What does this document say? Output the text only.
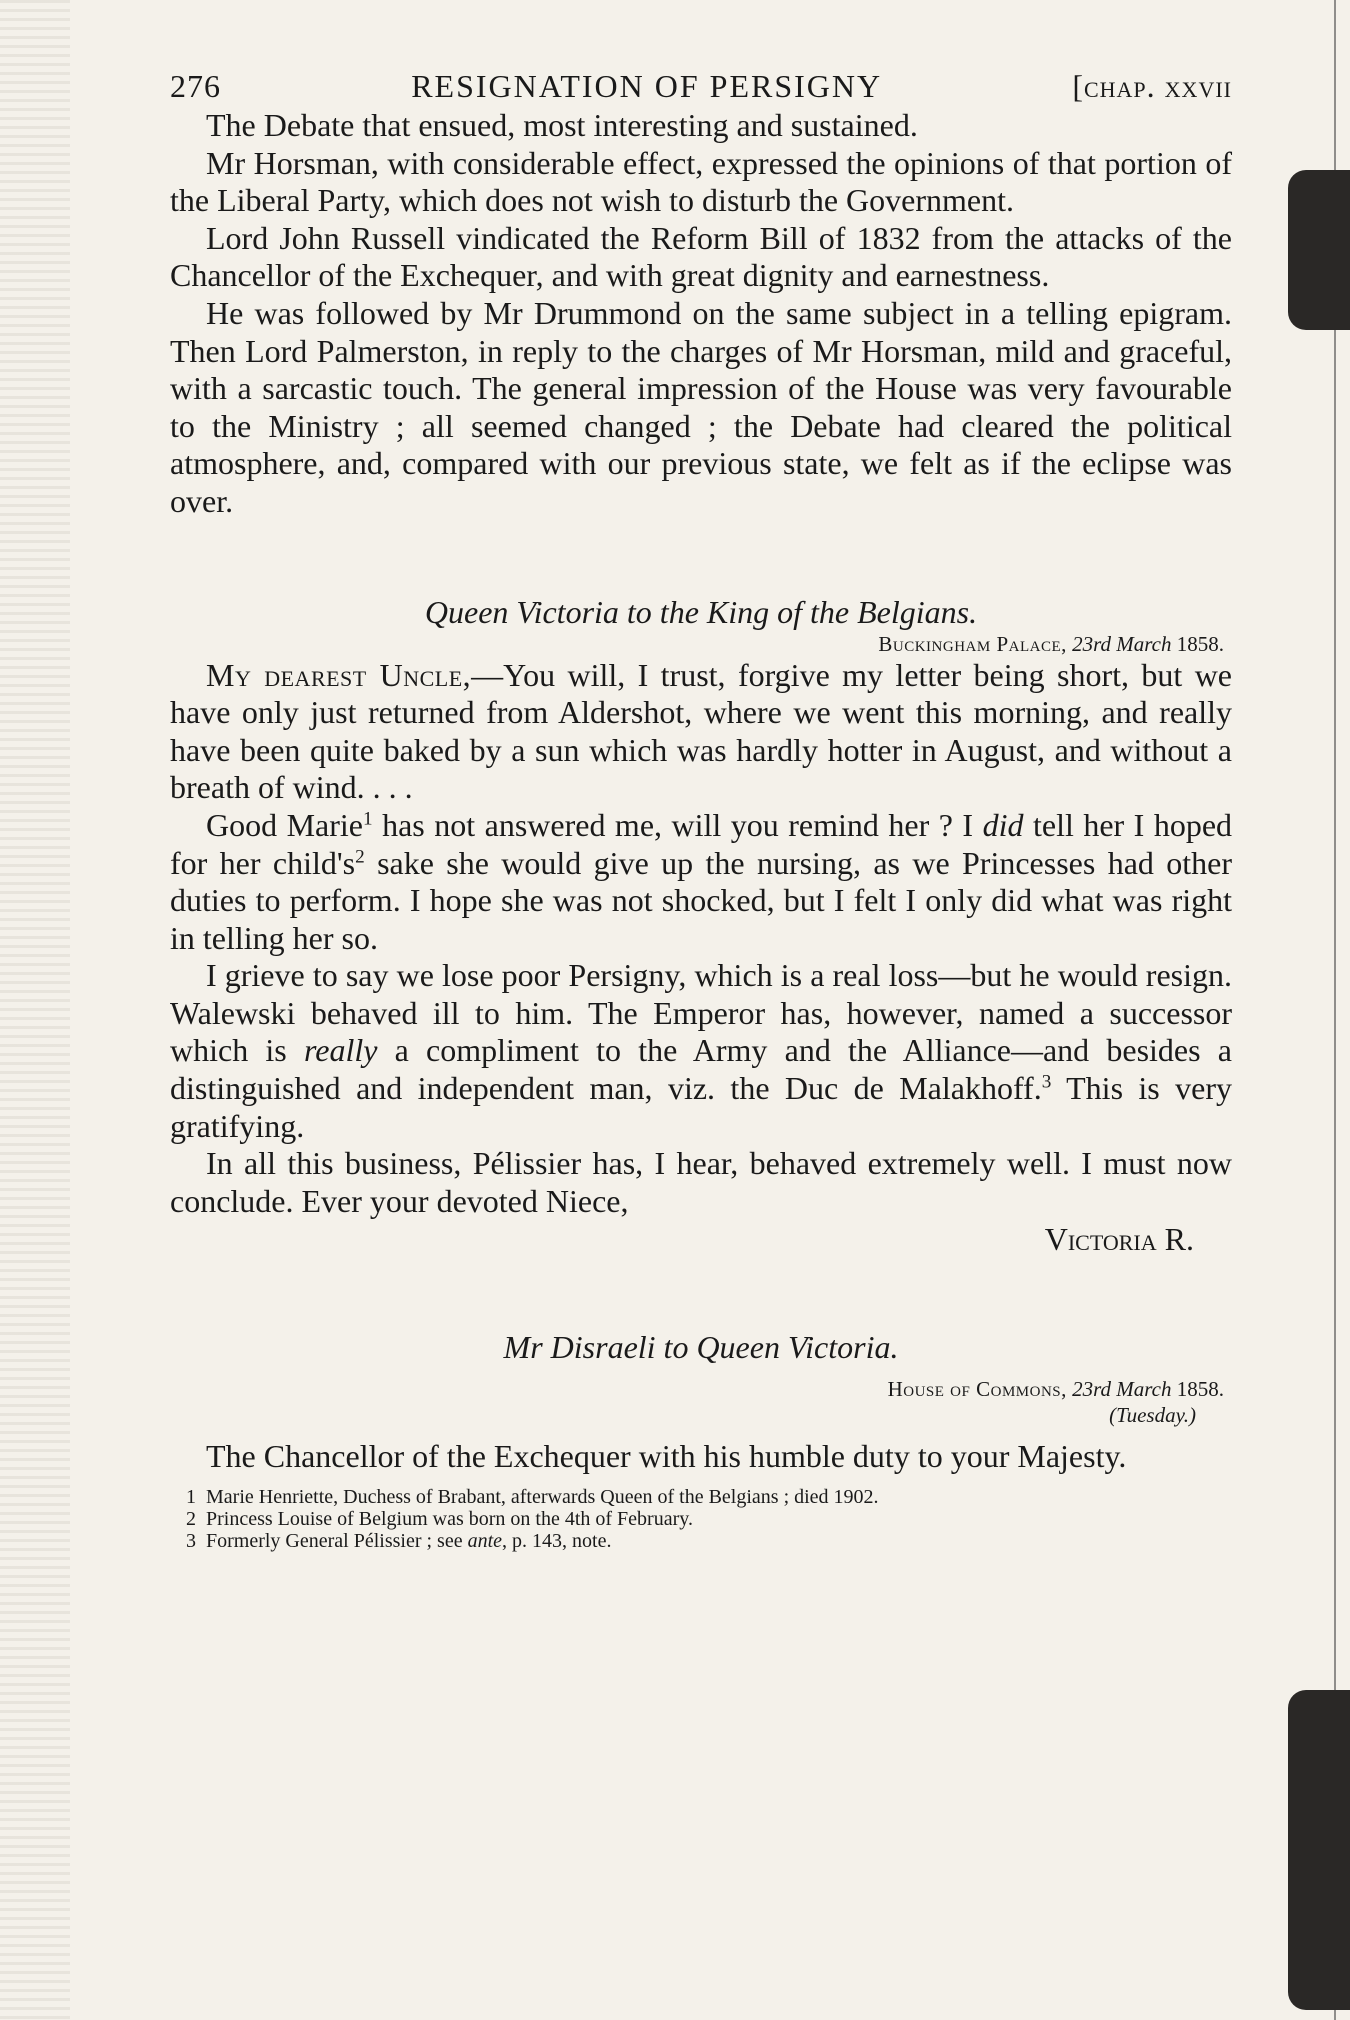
276	RESIGNATION OF PERSIGNY	[chap. xxvii

The Debate that ensued, most interesting and sustained.

Mr Horsman, with considerable effect, expressed the opinions of that portion of the Liberal Party, which does not wish to disturb the Government.

Lord John Russell vindicated the Reform Bill of 1832 from the attacks of the Chancellor of the Exchequer, and with great dignity and earnestness.

He was followed by Mr Drummond on the same subject in a telling epigram. Then Lord Palmerston, in reply to the charges of Mr Horsman, mild and graceful, with a sarcastic touch. The general impression of the House was very favourable to the Ministry ; all seemed changed ; the Debate had cleared the political atmosphere, and, compared with our previous state, we felt as if the eclipse was over.

Queen Victoria to the King of the Belgians.

Buckingham Palace, 23rd March 1858.

My dearest Uncle,—You will, I trust, forgive my letter being short, but we have only just returned from Aldershot, where we went this morning, and really have been quite baked by a sun which was hardly hotter in August, and without a breath of wind. . . .

Good Marie$^1$ has not answered me, will you remind her ? I did tell her I hoped for her $child's^2$ sake she would give up the nursing, as we Princesses had other duties to perform. I hope she was not shocked, but I felt I only did what was right in telling her so.

I grieve to say we lose poor Persigny, which is a real loss—but he would resign. Walewski behaved ill to him. The Emperor has, however, named a successor which is really a compliment to the Army and the Alliance—and besides a distinguished and independent man, viz. the Duc de Malakhoff.$^3$ This is very gratifying.

In all this business, Pélissier has, I hear, behaved extremely well. I must now conclude. Ever your devoted Niece,

Victoria R.

Mr Disraeli to Queen Victoria.

House of Commons, 23rd March 1858.

(Tuesday.)

The Chancellor of the Exchequer with his humble duty to your Majesty.

1 Marie Henriette, Duchess of Brabant, afterwards Queen of the Belgians ; died 1902.
2 Princess Louise of Belgium was born on the 4th of February.
3 Formerly General Pélissier ; see ante, p. 143, note.
